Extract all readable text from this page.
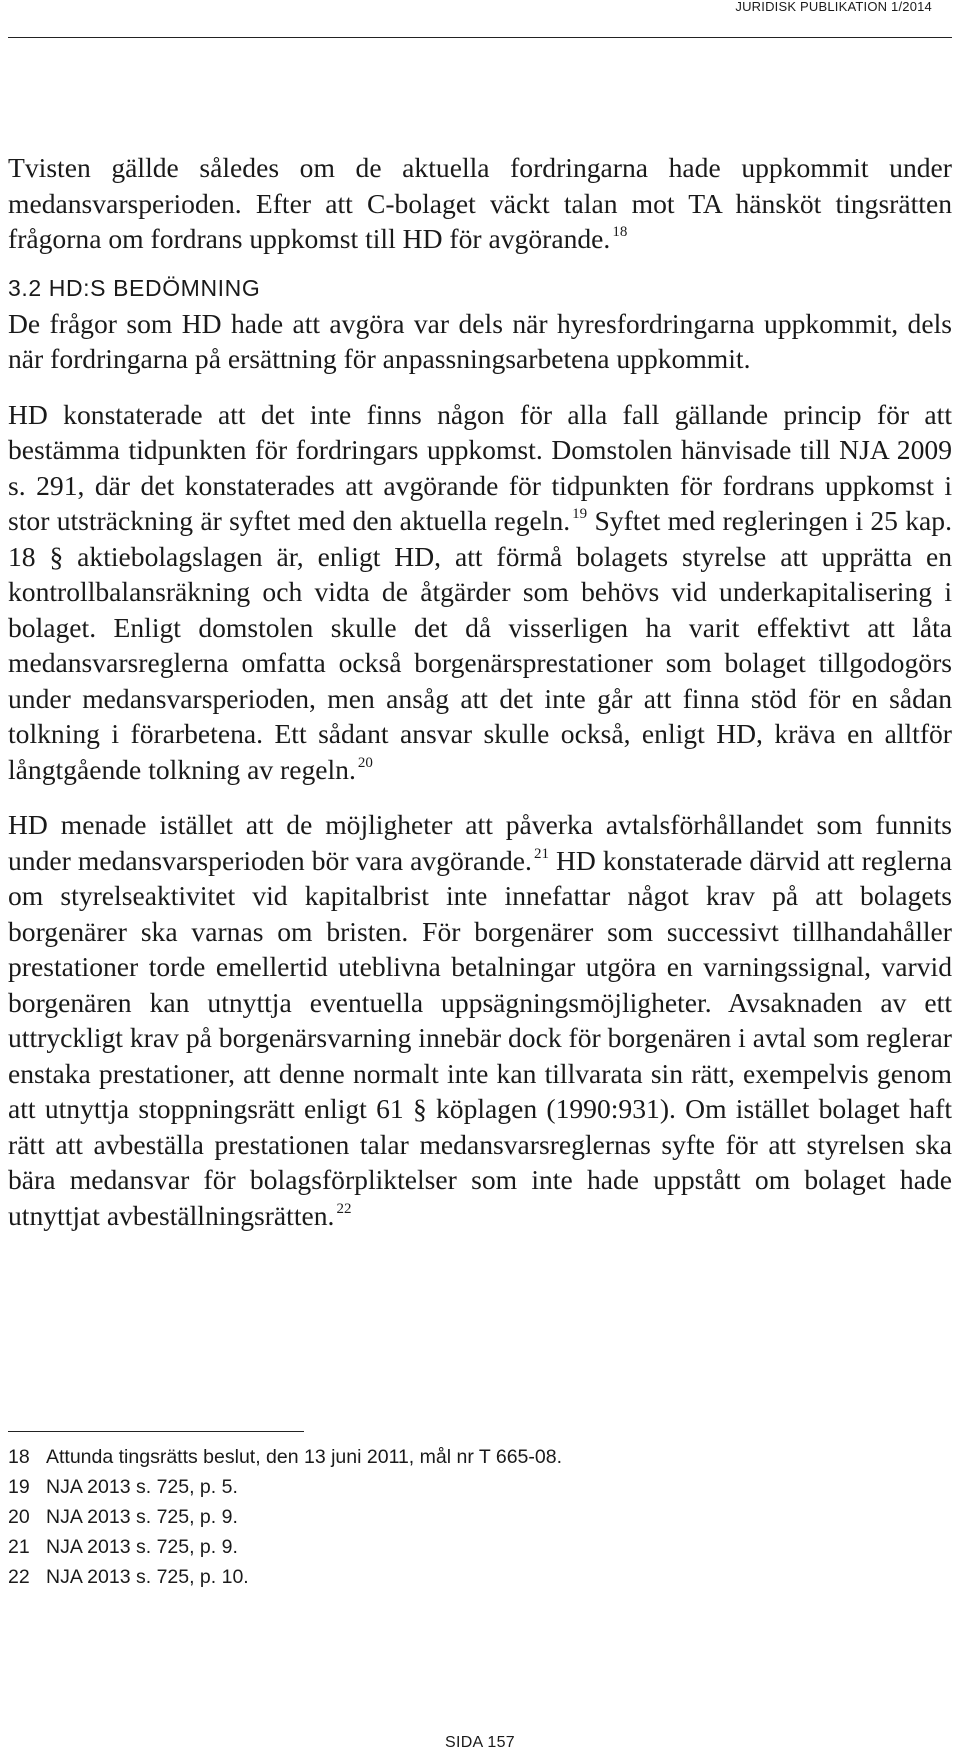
JURIDISK PUBLIKATION 1/2014

Tvisten gällde således om de aktuella fordringarna hade uppkommit under medansvarsperioden. Efter att C-bolaget väckt talan mot TA hänsköt tingsrätten frågorna om fordrans uppkomst till HD för avgörande. $^{18}$

3.2 HD:S BEDÖMNING

De frågor som HD hade att avgöra var dels när hyresfordringarna uppkommit, dels när fordringarna på ersättning för anpassningsarbetena uppkommit.

HD konstaterade att det inte finns någon för alla fall gällande princip för att bestämma tidpunkten för fordringars uppkomst. Domstolen hänvisade till NJA 2009 s. 291, där det konstaterades att avgörande för tidpunkten för fordrans uppkomst i stor utsträckning är syftet med den aktuella regeln. $^{19}$ Syftet med regleringen i 25 kap. 18 § aktiebolagslagen är, enligt HD, att förmå bolagets styrelse att upprätta en kontrollbalansräkning och vidta de åtgärder som behövs vid underkapitalisering i bolaget. Enligt domstolen skulle det då visserligen ha varit effektivt att låta medansvarsreglerna omfatta också borgenärsprestationer som bolaget tillgodogörs under medansvarsperioden, men ansåg att det inte går att finna stöd för en sådan tolkning i förarbetena. Ett sådant ansvar skulle också, enligt HD, kräva en alltför långtgående tolkning av regeln. $^{20}$

HD menade istället att de möjligheter att påverka avtalsförhållandet som funnits under medansvarsperioden bör vara avgörande. $^{21}$ HD konstaterade därvid att reglerna om styrelseaktivitet vid kapitalbrist inte innefattar något krav på att bolagets borgenärer ska varnas om bristen. För borgenärer som successivt tillhandahåller prestationer torde emellertid uteblivna betalningar utgöra en varningssignal, varvid borgenären kan utnyttja eventuella uppsägningsmöjligheter. Avsaknaden av ett uttryckligt krav på borgenärsvarning innebär dock för borgenären i avtal som reglerar enstaka prestationer, att denne normalt inte kan tillvarata sin rätt, exempelvis genom att utnyttja stoppningsrätt enligt 61 § köplagen (1990:931). Om istället bolaget haft rätt att avbeställa prestationen talar medansvarsreglernas syfte för att styrelsen ska bära medansvar för bolagsförpliktelser som inte hade uppstått om bolaget hade utnyttjat avbeställningsrätten. $^{22}$

18 Attunda tingsrätts beslut, den 13 juni 2011, mål nr T 665-08.
19 NJA 2013 s. 725, p. 5.
20 NJA 2013 s. 725, p. 9.
21 NJA 2013 s. 725, p. 9.
22 NJA 2013 s. 725, p. 10.
SIDA 157
